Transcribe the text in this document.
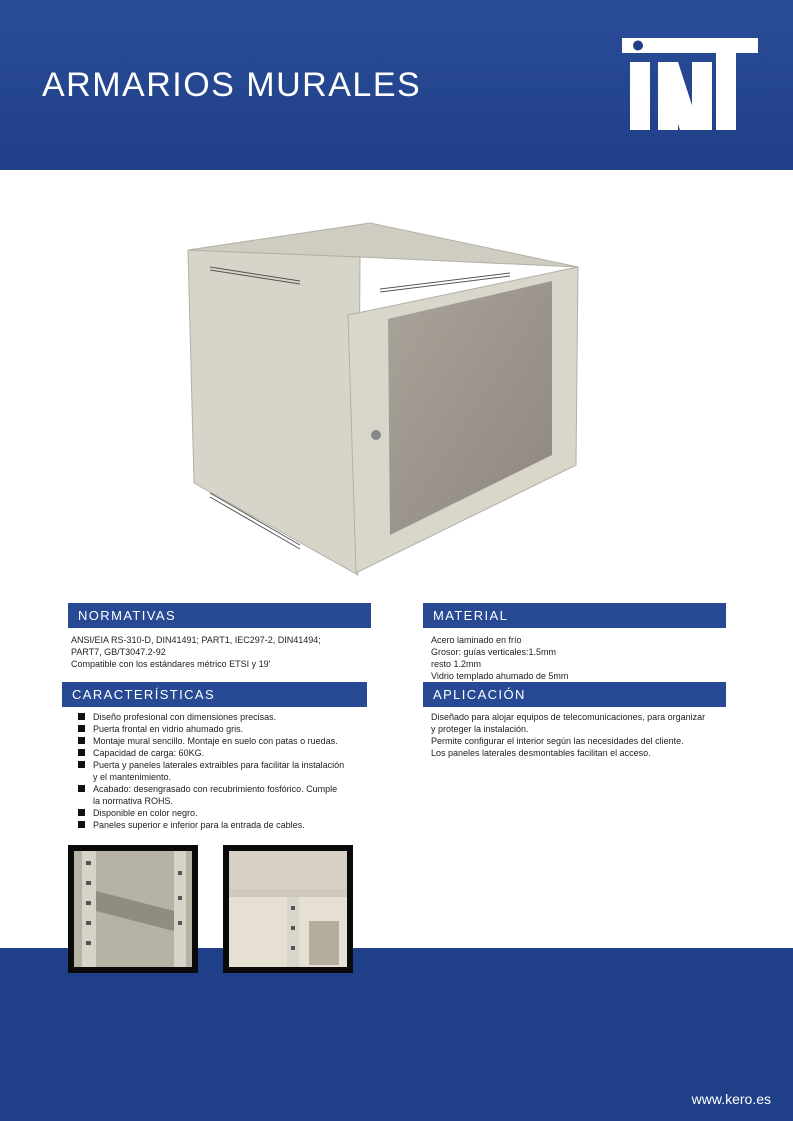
ARMARIOS MURALES
NORMATIVAS
ANSI/EIA RS-310-D, DIN41491; PART1, IEC297-2, DIN41494;
PART7, GB/T3047.2-92
Compatible con los estándares métrico ETSI y 19'
MATERIAL
Acero laminado en frío
Grosor: guías verticales:1.5mm
resto 1.2mm
Vidrio templado ahumado de 5mm
CARACTERÍSTICAS
Diseño profesional con dimensiones precisas.
Puerta frontal en vidrio ahumado gris.
Montaje mural sencillo. Montaje en suelo con patas o ruedas.
Capacidad de carga: 60KG.
Puerta y paneles laterales extraibles para facilitar la instalación
y el mantenimiento.
Acabado: desengrasado con recubrimiento fosfórico. Cumple
la normativa ROHS.
Disponible en color negro.
Paneles superior e inferior para la entrada de cables.
APLICACIÓN
Diseñado para alojar equipos de telecomunicaciones, para organizar
y proteger la instalación.
Permite configurar el interior según las necesidades del cliente.
Los paneles laterales desmontables facilitan el acceso.
www.kero.es
